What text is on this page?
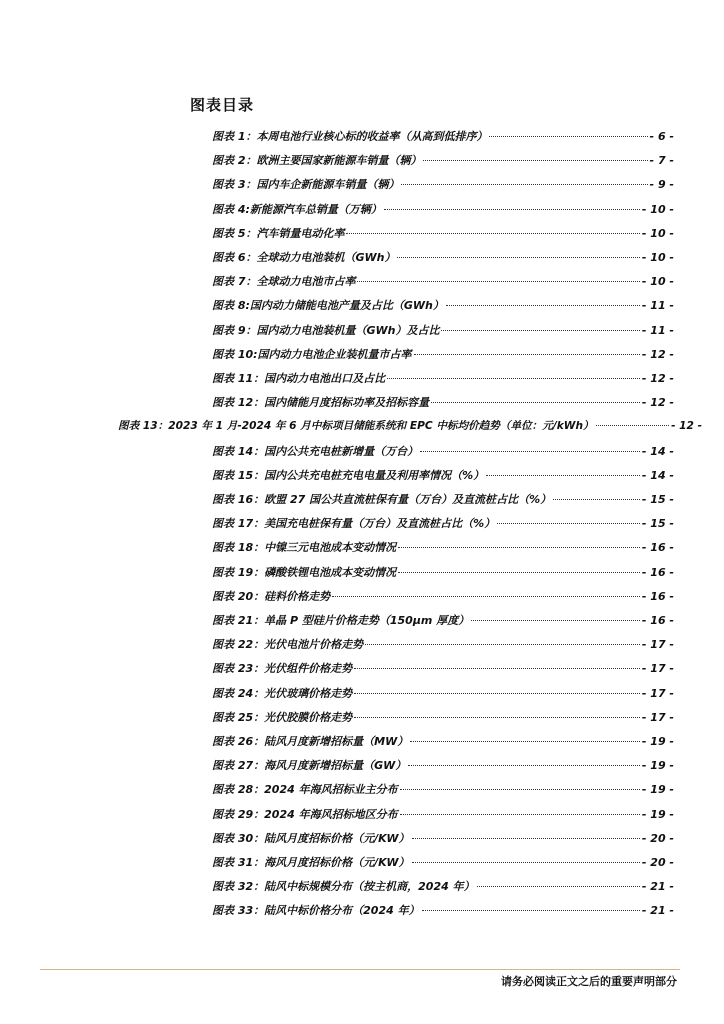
图表目录
图表 1：本周电池行业核心标的收益率（从高到低排序）	- 6 -
图表 2：欧洲主要国家新能源车销量（辆）	- 7 -
图表 3：国内车企新能源车销量（辆）	- 9 -
图表 4:新能源汽车总销量（万辆）	- 10 -
图表 5：汽车销量电动化率	- 10 -
图表 6：全球动力电池装机（GWh）	- 10 -
图表 7：全球动力电池市占率	- 10 -
图表 8:国内动力储能电池产量及占比（GWh）	- 11 -
图表 9：国内动力电池装机量（GWh）及占比	- 11 -
图表 10:国内动力电池企业装机量市占率	- 12 -
图表 11：国内动力电池出口及占比	- 12 -
图表 12：国内储能月度招标功率及招标容量	- 12 -
图表 13：2023 年 1 月-2024 年 6 月中标项目储能系统和 EPC 中标均价趋势（单位：元/kWh）	- 12 -
图表 14：国内公共充电桩新增量（万台）	- 14 -
图表 15：国内公共充电桩充电电量及利用率情况（%）	- 14 -
图表 16：欧盟 27 国公共直流桩保有量（万台）及直流桩占比（%）	- 15 -
图表 17：美国充电桩保有量（万台）及直流桩占比（%）	- 15 -
图表 18：中镍三元电池成本变动情况	- 16 -
图表 19：磷酸铁锂电池成本变动情况	- 16 -
图表 20：硅料价格走势	- 16 -
图表 21：单晶 P 型硅片价格走势（150μm 厚度）	- 16 -
图表 22：光伏电池片价格走势	- 17 -
图表 23：光伏组件价格走势	- 17 -
图表 24：光伏玻璃价格走势	- 17 -
图表 25：光伏胶膜价格走势	- 17 -
图表 26：陆风月度新增招标量（MW）	- 19 -
图表 27：海风月度新增招标量（GW）	- 19 -
图表 28：2024 年海风招标业主分布	- 19 -
图表 29：2024 年海风招标地区分布	- 19 -
图表 30：陆风月度招标价格（元/KW）	- 20 -
图表 31：海风月度招标价格（元/KW）	- 20 -
图表 32：陆风中标规模分布（按主机商，2024 年）	- 21 -
图表 33：陆风中标价格分布（2024 年）	- 21 -
请务必阅读正文之后的重要声明部分
